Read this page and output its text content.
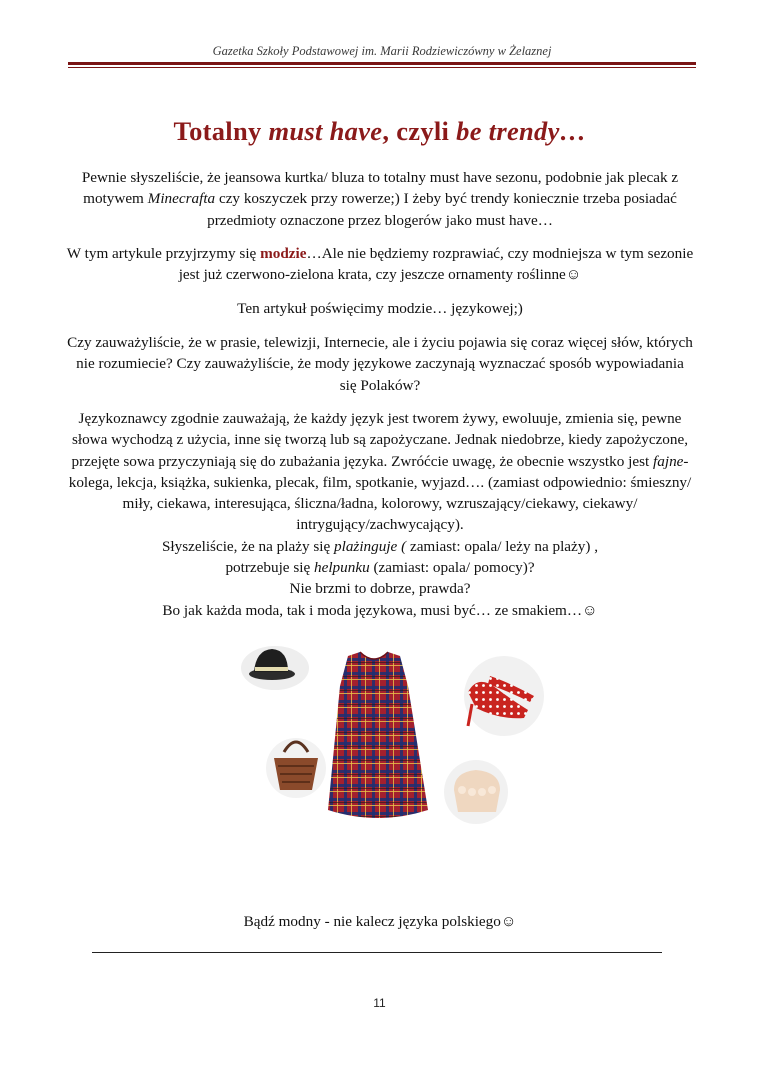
Gazetka Szkoły Podstawowej im. Marii Rodziewiczówny w Żelaznej
Totalny must have, czyli be trendy…

Pewnie słyszeliście, że jeansowa kurtka/ bluza to totalny must have sezonu, podobnie jak plecak z motywem Minecrafta czy koszyczek przy rowerze;) I żeby być trendy koniecznie trzeba posiadać przedmioty oznaczone przez blogerów jako must have…

W tym artykule przyjrzymy się modzie…Ale nie będziemy rozprawiać, czy modniejsza w tym sezonie jest już czerwono-zielona krata, czy jeszcze ornamenty roślinne☺

Ten artykuł poświęcimy modzie… językowej;)

Czy zauważyliście, że w prasie, telewizji, Internecie, ale i życiu pojawia się coraz więcej słów, których nie rozumiecie? Czy zauważyliście, że mody językowe zaczynają wyznaczać sposób wypowiadania się Polaków?

Językoznawcy zgodnie zauważają, że każdy język jest tworem żywy, ewoluuje, zmienia się, pewne słowa wychodzą z użycia, inne się tworzą lub są zapożyczane. Jednak niedobrze, kiedy zapożyczone, przejęte sowa przyczyniają się do zubażania języka. Zwróćcie uwagę, że obecnie wszystko jest fajne- kolega, lekcja, książka, sukienka, plecak, film, spotkanie, wyjazd…. (zamiast odpowiednio: śmieszny/ miły, ciekawa, interesująca, śliczna/ładna, kolorowy, wzruszający/ciekawy, ciekawy/ intrygujący/zachwycający).

Słyszeliście, że na plaży się plażinguje ( zamiast: opala/ leży na plaży) ,

potrzebuje się helpunku (zamiast: opala/ pomocy)?

Nie brzmi to dobrze, prawda?

Bo jak każda moda, tak i moda językowa, musi być… ze smakiem…☺

Bądź modny - nie kalecz języka polskiego☺
11
